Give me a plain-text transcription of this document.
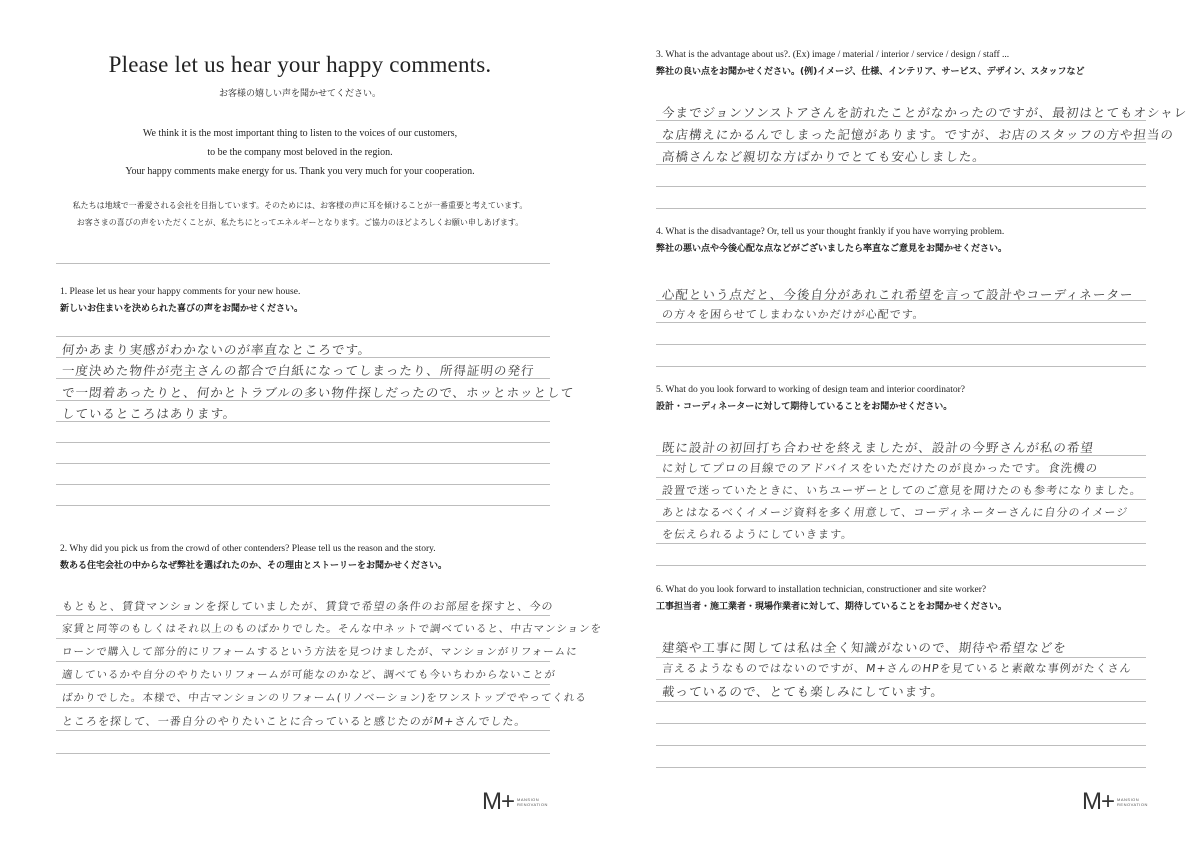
Please let us hear your happy comments.
お客様の嬉しい声を聞かせてください。
We think it is the most important thing to listen to the voices of our customers,
to be the company most beloved in the region.
Your happy comments make energy for us. Thank you very much for your cooperation.
私たちは地域で一番愛される会社を目指しています。そのためには、お客様の声に耳を傾けることが一番重要と考えています。
お客さまの喜びの声をいただくことが、私たちにとってエネルギーとなります。ご協力のほどよろしくお願い申しあげます。
1. Please let us hear your happy comments for your new house.
新しいお住まいを決められた喜びの声をお聞かせください。
何かあまり実感がわかないのが率直なところです。
一度決めた物件が売主さんの都合で白紙になってしまったり、所得証明の発行
で一悶着あったりと、何かとトラブルの多い物件探しだったので、ホッとホッとして
しているところはあります。
2. Why did you pick us from the crowd of other contenders? Please tell us the reason and the story.
数ある住宅会社の中からなぜ弊社を選ばれたのか、その理由とストーリーをお聞かせください。
もともと、賃貸マンションを探していましたが、賃貸で希望の条件のお部屋を探すと、今の
家賃と同等のもしくはそれ以上のものばかりでした。そんな中ネットで調べていると、中古マンションを
ローンで購入して部分的にリフォームするという方法を見つけましたが、マンションがリフォームに
適しているかや自分のやりたいリフォームが可能なのかなど、調べても今いちわからないことが
ばかりでした。本様で、中古マンションのリフォーム(リノベーション)をワンストップでやってくれる
ところを探して、一番自分のやりたいことに合っていると感じたのがM+さんでした。
M+ MANSION
RENOVATION
3. What is the advantage about us?. (Ex) image / material / interior / service / design / staff ...
弊社の良い点をお聞かせください。(例)イメージ、仕様、インテリア、サービス、デザイン、スタッフなど
今までジョンソンストアさんを訪れたことがなかったのですが、最初はとてもオシャレ
な店構えにかるんでしまった記憶があります。ですが、お店のスタッフの方や担当の
高橋さんなど親切な方ばかりでとても安心しました。
4. What is the disadvantage? Or, tell us your thought frankly if you have worrying problem.
弊社の悪い点や今後心配な点などがございましたら率直なご意見をお聞かせください。
心配という点だと、今後自分があれこれ希望を言って設計やコーディネーター
の方々を困らせてしまわないかだけが心配です。
5. What do you look forward to working of design team and interior coordinator?
設計・コーディネーターに対して期待していることをお聞かせください。
既に設計の初回打ち合わせを終えましたが、設計の今野さんが私の希望
に対してプロの目線でのアドバイスをいただけたのが良かったです。食洗機の
設置で迷っていたときに、いちユーザーとしてのご意見を聞けたのも参考になりました。
あとはなるべくイメージ資料を多く用意して、コーディネーターさんに自分のイメージ
を伝えられるようにしていきます。
6. What do you look forward to installation technician, constructioner and site worker?
工事担当者・施工業者・現場作業者に対して、期待していることをお聞かせください。
建築や工事に関しては私は全く知識がないので、期待や希望などを
言えるようなものではないのですが、M+さんのHPを見ていると素敵な事例がたくさん
載っているので、とても楽しみにしています。
M+ MANSION
RENOVATION
